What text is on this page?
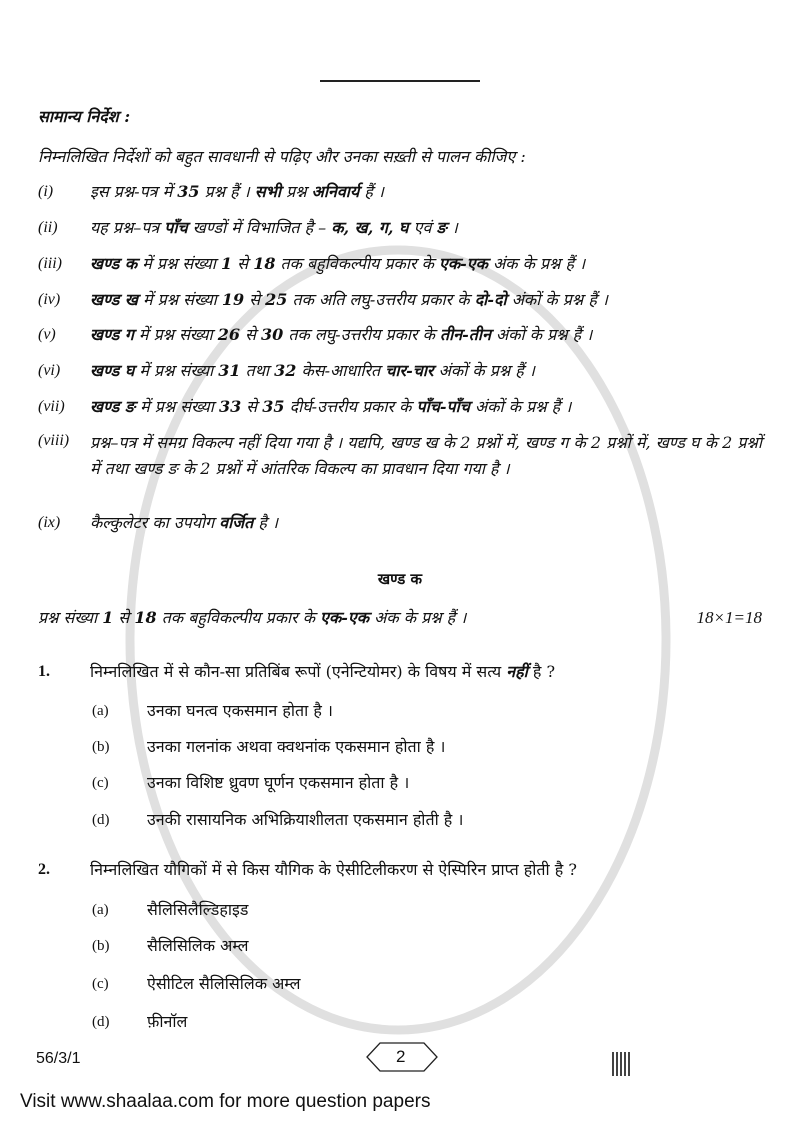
सामान्य निर्देश :
निम्नलिखित निर्देशों को बहुत सावधानी से पढ़िए और उनका सख़्ती से पालन कीजिए :
(i)	इस प्रश्न-पत्र में 35 प्रश्न हैं । सभी प्रश्न अनिवार्य हैं ।
(ii)	यह प्रश्न–पत्र पाँच खण्डों में विभाजित है – क, ख, ग, घ एवं ङ ।
(iii)	खण्ड क में प्रश्न संख्या 1 से 18 तक बहुविकल्पीय प्रकार के एक-एक अंक के प्रश्न हैं ।
(iv)	खण्ड ख में प्रश्न संख्या 19 से 25 तक अति लघु-उत्तरीय प्रकार के दो-दो अंकों के प्रश्न हैं ।
(v)	खण्ड ग में प्रश्न संख्या 26 से 30 तक लघु-उत्तरीय प्रकार के तीन-तीन अंकों के प्रश्न हैं ।
(vi)	खण्ड घ में प्रश्न संख्या 31 तथा 32 केस-आधारित चार-चार अंकों के प्रश्न हैं ।
(vii)	खण्ड ङ में प्रश्न संख्या 33 से 35 दीर्घ-उत्तरीय प्रकार के पाँच-पाँच अंकों के प्रश्न हैं ।
(viii)	प्रश्न–पत्र में समग्र विकल्प नहीं दिया गया है । यद्यपि, खण्ड ख के 2 प्रश्नों में, खण्ड ग के 2 प्रश्नों में, खण्ड घ के 2 प्रश्नों में तथा खण्ड ङ के 2 प्रश्नों में आंतरिक विकल्प का प्रावधान दिया गया है ।
(ix)	कैल्कुलेटर का उपयोग वर्जित है ।
खण्ड क
प्रश्न संख्या 1 से 18 तक बहुविकल्पीय प्रकार के एक-एक अंक के प्रश्न हैं ।	18×1=18
1.	निम्नलिखित में से कौन-सा प्रतिबिंब रूपों (एनेन्टियोमर) के विषय में सत्य नहीं है ?
(a)	उनका घनत्व एकसमान होता है ।
(b)	उनका गलनांक अथवा क्वथनांक एकसमान होता है ।
(c)	उनका विशिष्ट ध्रुवण घूर्णन एकसमान होता है ।
(d)	उनकी रासायनिक अभिक्रियाशीलता एकसमान होती है ।
2.	निम्नलिखित यौगिकों में से किस यौगिक के ऐसीटिलीकरण से ऐस्पिरिन प्राप्त होती है ?
(a)	सैलिसिलैल्डिहाइड
(b)	सैलिसिलिक अम्ल
(c)	ऐसीटिल सैलिसिलिक अम्ल
(d)	फ़ीनॉल
56/3/1	2
Visit www.shaalaa.com for more question papers
